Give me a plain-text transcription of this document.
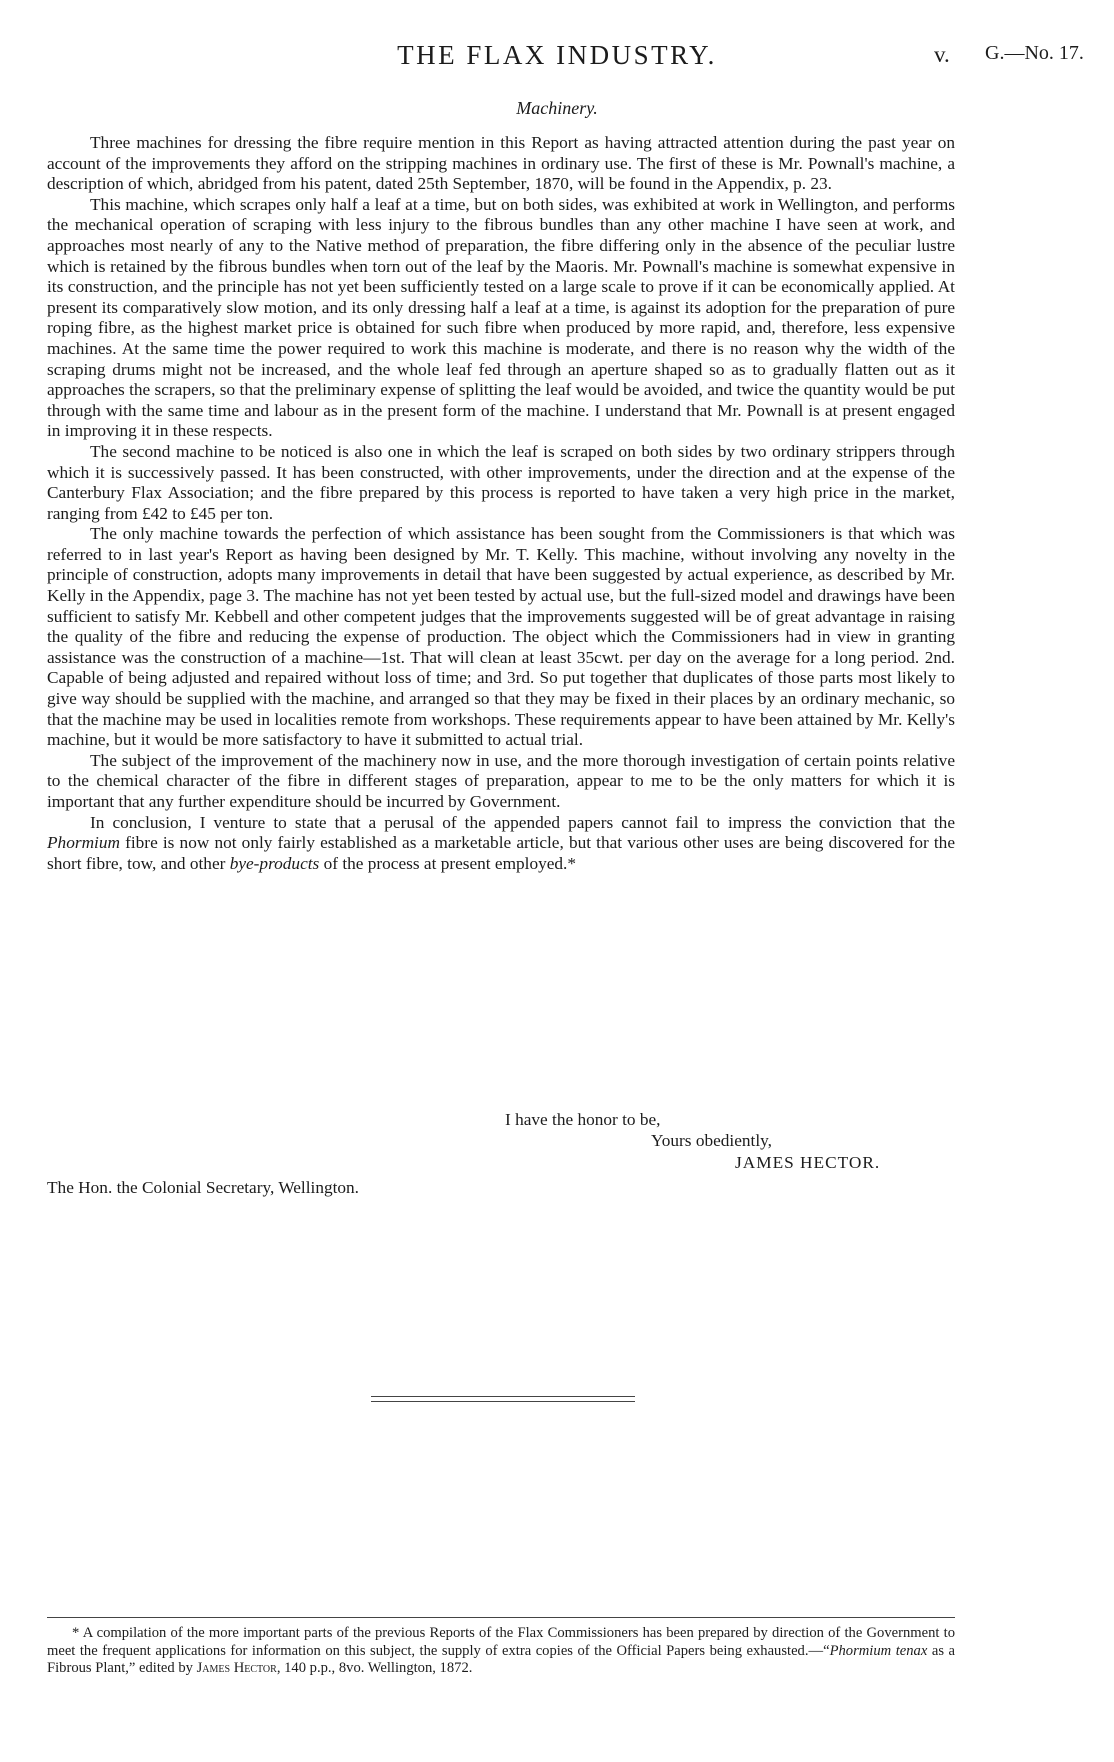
THE FLAX INDUSTRY.	v. G.—No. 17.
Machinery.

Three machines for dressing the fibre require mention in this Report as having attracted attention during the past year on account of the improvements they afford on the stripping machines in ordinary use. The first of these is Mr. Pownall's machine, a description of which, abridged from his patent, dated 25th September, 1870, will be found in the Appendix, p. 23.

This machine, which scrapes only half a leaf at a time, but on both sides, was exhibited at work in Wellington, and performs the mechanical operation of scraping with less injury to the fibrous bundles than any other machine I have seen at work, and approaches most nearly of any to the Native method of preparation, the fibre differing only in the absence of the peculiar lustre which is retained by the fibrous bundles when torn out of the leaf by the Maoris. Mr. Pownall's machine is somewhat expensive in its construction, and the principle has not yet been sufficiently tested on a large scale to prove if it can be economically applied. At present its comparatively slow motion, and its only dressing half a leaf at a time, is against its adoption for the preparation of pure roping fibre, as the highest market price is obtained for such fibre when produced by more rapid, and, therefore, less expensive machines. At the same time the power required to work this machine is moderate, and there is no reason why the width of the scraping drums might not be increased, and the whole leaf fed through an aperture shaped so as to gradually flatten out as it approaches the scrapers, so that the preliminary expense of splitting the leaf would be avoided, and twice the quantity would be put through with the same time and labour as in the present form of the machine. I understand that Mr. Pownall is at present engaged in improving it in these respects.

The second machine to be noticed is also one in which the leaf is scraped on both sides by two ordinary strippers through which it is successively passed. It has been constructed, with other improvements, under the direction and at the expense of the Canterbury Flax Association; and the fibre prepared by this process is reported to have taken a very high price in the market, ranging from £42 to £45 per ton.

The only machine towards the perfection of which assistance has been sought from the Commissioners is that which was referred to in last year's Report as having been designed by Mr. T. Kelly. This machine, without involving any novelty in the principle of construction, adopts many improvements in detail that have been suggested by actual experience, as described by Mr. Kelly in the Appendix, page 3. The machine has not yet been tested by actual use, but the full-sized model and drawings have been sufficient to satisfy Mr. Kebbell and other competent judges that the improvements suggested will be of great advantage in raising the quality of the fibre and reducing the expense of production. The object which the Commissioners had in view in granting assistance was the construction of a machine—1st. That will clean at least 35cwt. per day on the average for a long period. 2nd. Capable of being adjusted and repaired without loss of time; and 3rd. So put together that duplicates of those parts most likely to give way should be supplied with the machine, and arranged so that they may be fixed in their places by an ordinary mechanic, so that the machine may be used in localities remote from workshops. These requirements appear to have been attained by Mr. Kelly's machine, but it would be more satisfactory to have it submitted to actual trial.

The subject of the improvement of the machinery now in use, and the more thorough investigation of certain points relative to the chemical character of the fibre in different stages of preparation, appear to me to be the only matters for which it is important that any further expenditure should be incurred by Government.

In conclusion, I venture to state that a perusal of the appended papers cannot fail to impress the conviction that the Phormium fibre is now not only fairly established as a marketable article, but that various other uses are being discovered for the short fibre, tow, and other bye-products of the process at present employed.*

I have the honor to be,
Yours obediently,
JAMES HECTOR.
The Hon. the Colonial Secretary, Wellington.

* A compilation of the more important parts of the previous Reports of the Flax Commissioners has been prepared by direction of the Government to meet the frequent applications for information on this subject, the supply of extra copies of the Official Papers being exhausted.—“Phormium tenax as a Fibrous Plant,” edited by James Hector, 140 p.p., 8vo. Wellington, 1872.
